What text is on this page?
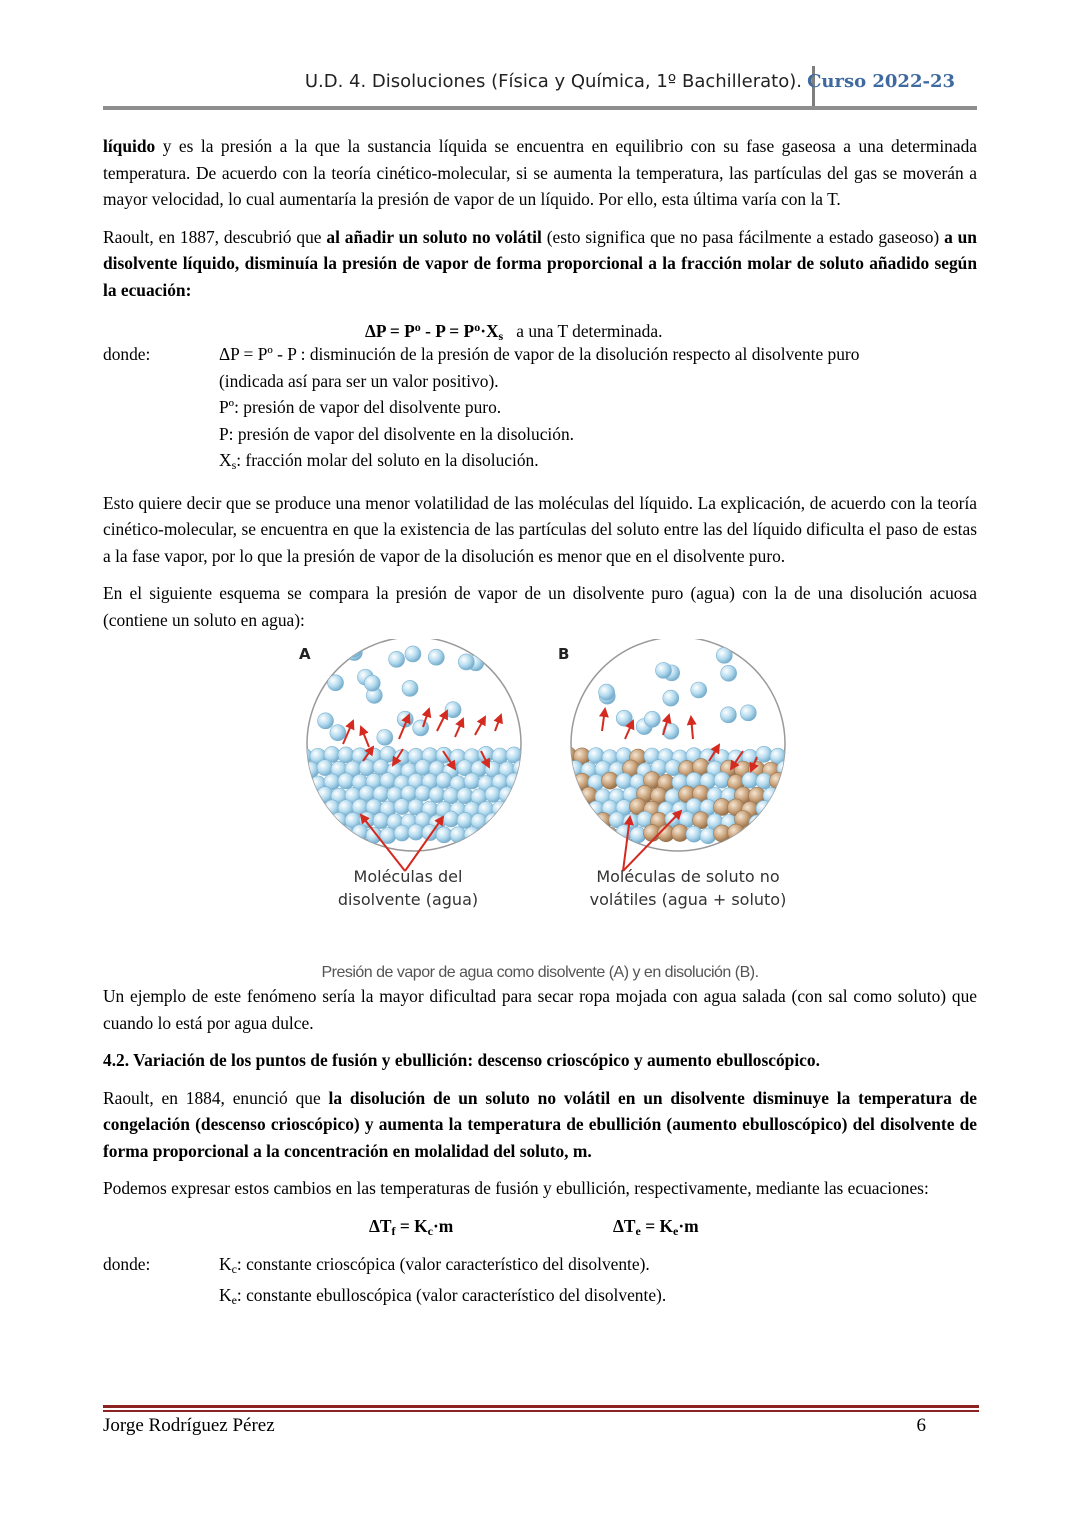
U.D. 4. Disoluciones (Física y Química, 1º Bachillerato). Curso 2022-23

líquido y es la presión a la que la sustancia líquida se encuentra en equilibrio con su fase gaseosa a una determinada temperatura. De acuerdo con la teoría cinético-molecular, si se aumenta la temperatura, las partículas del gas se moverán a mayor velocidad, lo cual aumentaría la presión de vapor de un líquido. Por ello, esta última varía con la T.

Raoult, en 1887, descubrió que al añadir un soluto no volátil (esto significa que no pasa fácilmente a estado gaseoso) a un disolvente líquido, disminuía la presión de vapor de forma proporcional a la fracción molar de soluto añadido según la ecuación:

$\Delta P = P^o - P = P^o\cdot X_s$   a una T determinada.
donde:	ΔP = Pº - P : disminución de la presión de vapor de la disolución respecto al disolvente puro
(indicada así para ser un valor positivo).
Pº: presión de vapor del disolvente puro.
P: presión de vapor del disolvente en la disolución.
$X_s$: fracción molar del soluto en la disolución.

Esto quiere decir que se produce una menor volatilidad de las moléculas del líquido. La explicación, de acuerdo con la teoría cinético-molecular, se encuentra en que la existencia de las partículas del soluto entre las del líquido dificulta el paso de estas a la fase vapor, por lo que la presión de vapor de la disolución es menor que en el disolvente puro.

En el siguiente esquema se compara la presión de vapor de un disolvente puro (agua) con la de una disolución acuosa (contiene un soluto en agua):

A	B
Moléculas del
disolvente (agua)
Moléculas de soluto no
volátiles (agua + soluto)
Presión de vapor de agua como disolvente (A) y en disolución (B).

Un ejemplo de este fenómeno sería la mayor dificultad para secar ropa mojada con agua salada (con sal como soluto) que cuando lo está por agua dulce.

4.2. Variación de los puntos de fusión y ebullición: descenso crioscópico y aumento ebulloscópico.

Raoult, en 1884, enunció que la disolución de un soluto no volátil en un disolvente disminuye la temperatura de congelación (descenso crioscópico) y aumenta la temperatura de ebullición (aumento ebulloscópico) del disolvente de forma proporcional a la concentración en molalidad del soluto, m.

Podemos expresar estos cambios en las temperaturas de fusión y ebullición, respectivamente, mediante las ecuaciones:

$\Delta T_f = K_c\cdot m$	$\Delta T_e = K_e\cdot m$
donde:	$K_c$: constante crioscópica (valor característico del disolvente).
$K_e$: constante ebulloscópica (valor característico del disolvente).
Jorge Rodríguez Pérez	6
